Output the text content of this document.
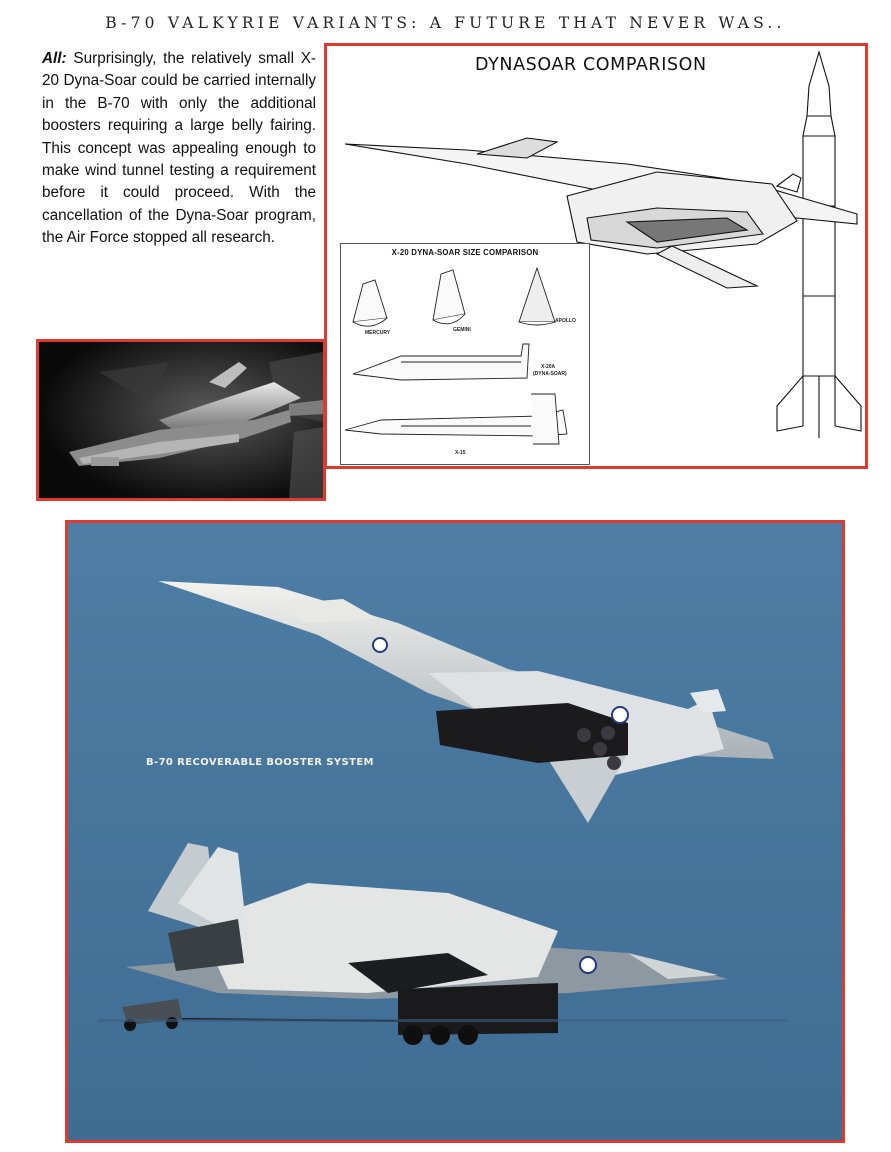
B-70 VALKYRIE VARIANTS: A FUTURE THAT NEVER WAS..
All: Surprisingly, the relatively small X-20 Dyna-Soar could be carried internally in the B-70 with only the additional boosters requiring a large belly fairing. This concept was appealing enough to make wind tunnel testing a requirement before it could proceed. With the cancellation of the Dyna-Soar program, the Air Force stopped all research.
DYNASOAR COMPARISON
X-20 DYNA-SOAR SIZE COMPARISON
MERCURY	GEMINI
APOLLO
X-20A
(DYNA-SOAR)
X-15
B-70 RECOVERABLE BOOSTER SYSTEM
